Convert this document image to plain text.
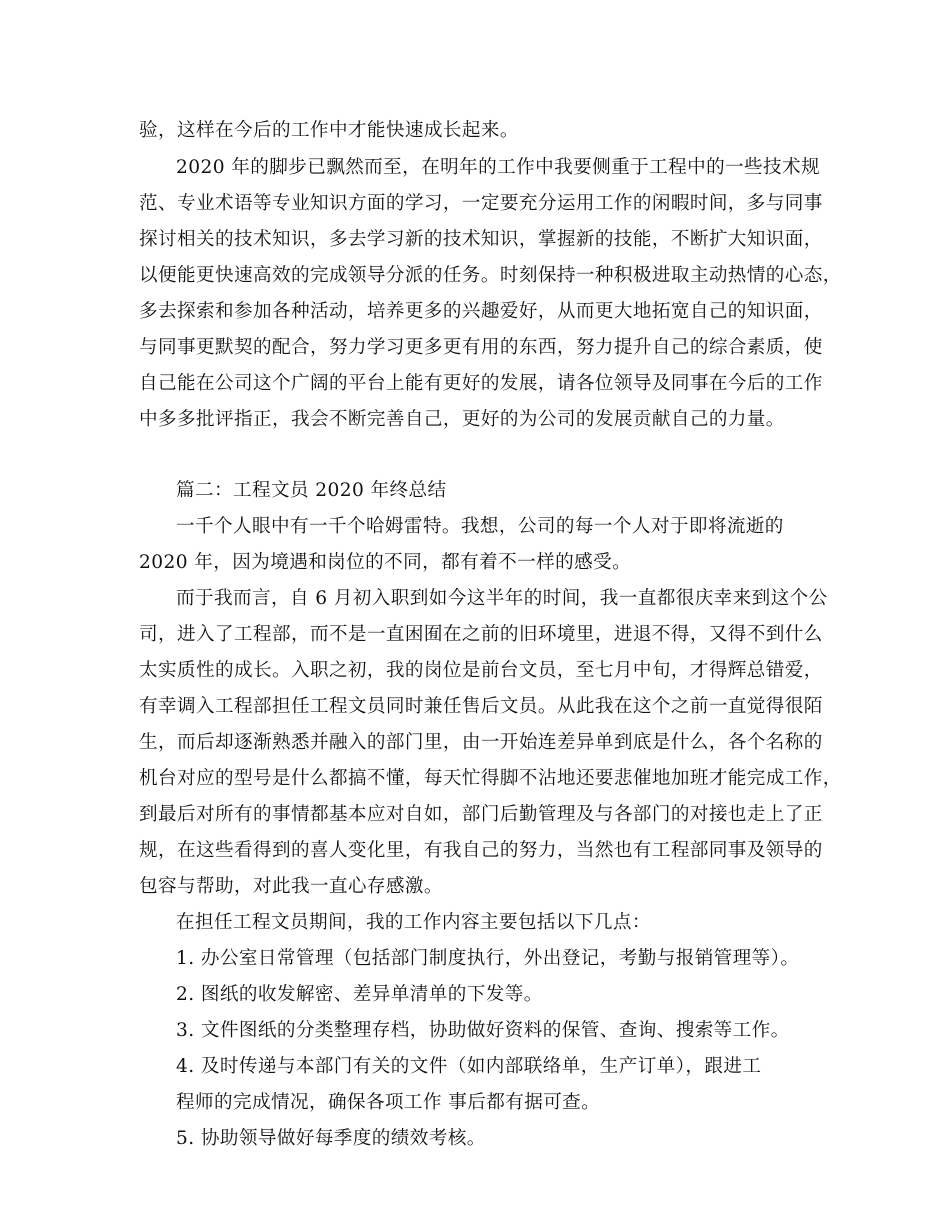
验，这样在今后的工作中才能快速成长起来。

2020 年的脚步已飘然而至，在明年的工作中我要侧重于工程中的一些技术规

范、专业术语等专业知识方面的学习，一定要充分运用工作的闲暇时间，多与同事

探讨相关的技术知识，多去学习新的技术知识，掌握新的技能，不断扩大知识面，

以便能更快速高效的完成领导分派的任务。时刻保持一种积极进取主动热情的心态，

多去探索和参加各种活动，培养更多的兴趣爱好，从而更大地拓宽自己的知识面，

与同事更默契的配合，努力学习更多更有用的东西，努力提升自己的综合素质，使

自己能在公司这个广阔的平台上能有更好的发展，请各位领导及同事在今后的工作

中多多批评指正，我会不断完善自己，更好的为公司的发展贡献自己的力量。

篇二：工程文员 2020 年终总结

一千个人眼中有一千个哈姆雷特。我想，公司的每一个人对于即将流逝的

2020 年，因为境遇和岗位的不同，都有着不一样的感受。

而于我而言，自 6 月初入职到如今这半年的时间，我一直都很庆幸来到这个公

司，进入了工程部，而不是一直困囿在之前的旧环境里，进退不得，又得不到什么

太实质性的成长。入职之初，我的岗位是前台文员，至七月中旬，才得辉总错爱，

有幸调入工程部担任工程文员同时兼任售后文员。从此我在这个之前一直觉得很陌

生，而后却逐渐熟悉并融入的部门里，由一开始连差异单到底是什么，各个名称的

机台对应的型号是什么都搞不懂，每天忙得脚不沾地还要悲催地加班才能完成工作，

到最后对所有的事情都基本应对自如，部门后勤管理及与各部门的对接也走上了正

规，在这些看得到的喜人变化里，有我自己的努力，当然也有工程部同事及领导的

包容与帮助，对此我一直心存感激。

在担任工程文员期间，我的工作内容主要包括以下几点：

1. 办公室日常管理（包括部门制度执行，外出登记，考勤与报销管理等）。

2. 图纸的收发解密、差异单清单的下发等。

3. 文件图纸的分类整理存档，协助做好资料的保管、查询、搜索等工作。

4. 及时传递与本部门有关的文件（如内部联络单，生产订单），跟进工

程师的完成情况，确保各项工作 事后都有据可查。

5. 协助领导做好每季度的绩效考核。
